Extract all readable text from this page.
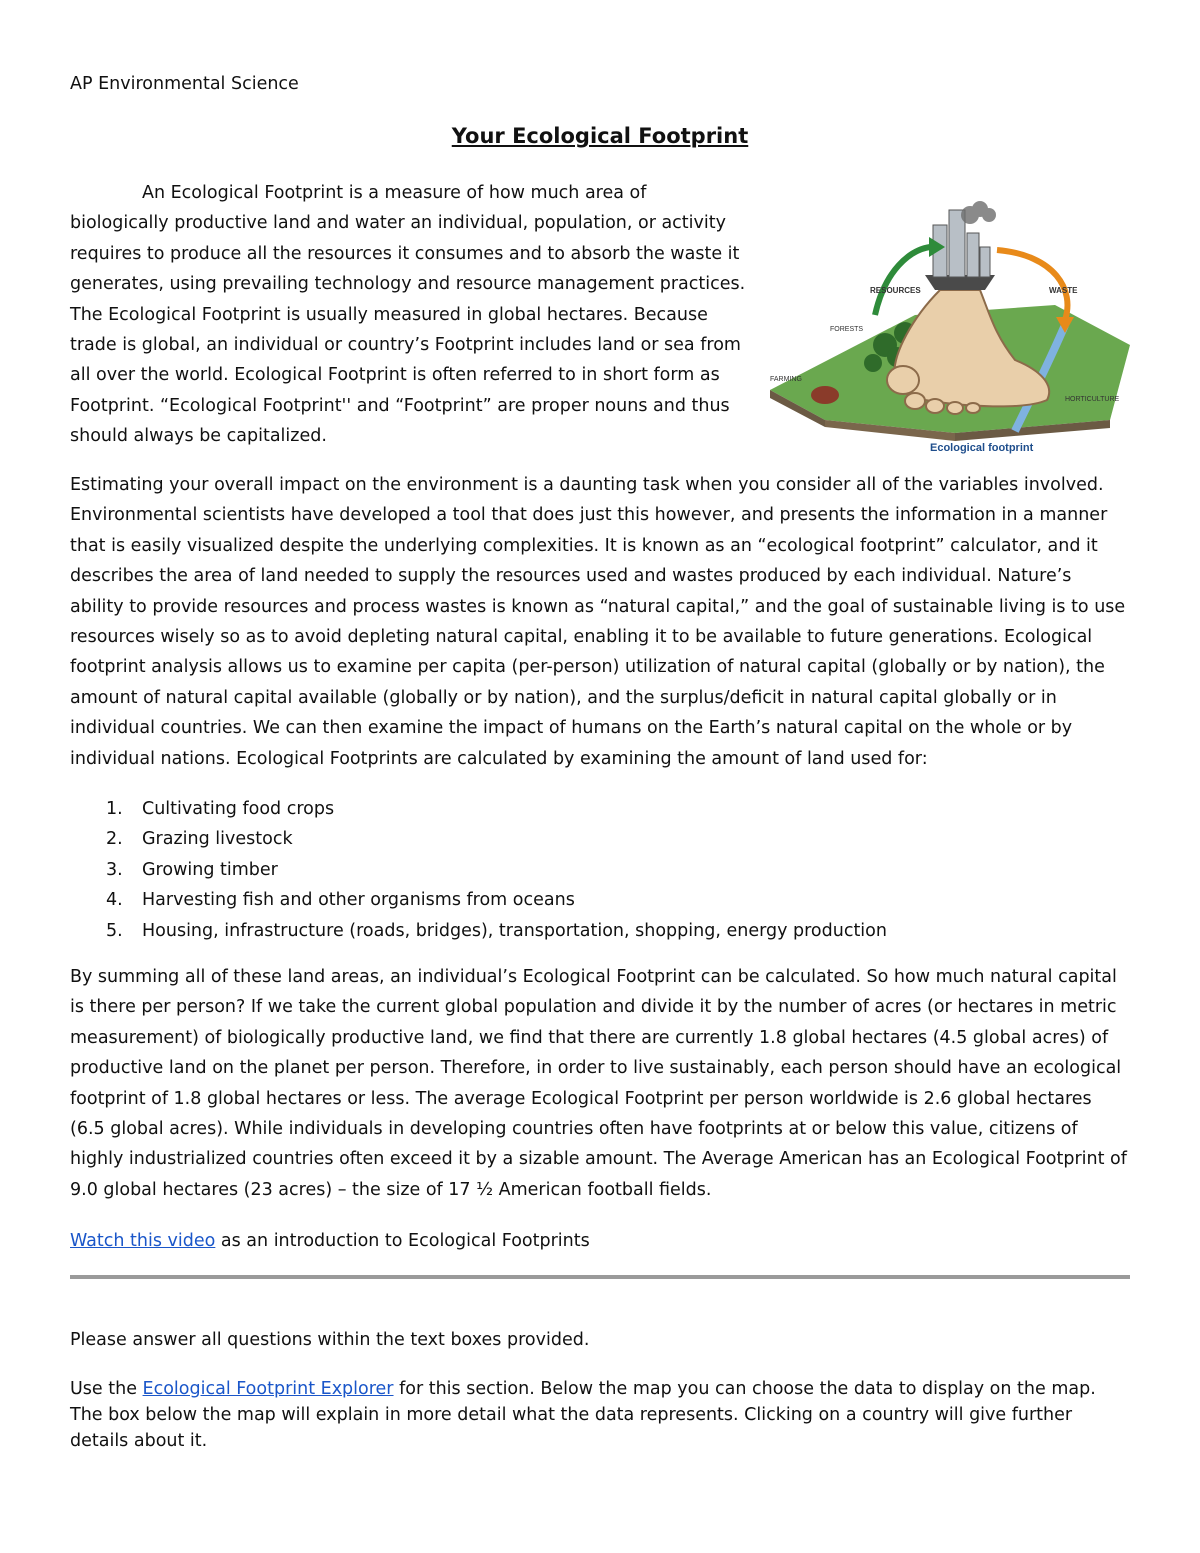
AP Environmental Science
Your Ecological Footprint

An Ecological Footprint is a measure of how much area of biologically productive land and water an individual, population, or activity requires to produce all the resources it consumes and to absorb the waste it generates, using prevailing technology and resource management practices. The Ecological Footprint is usually measured in global hectares. Because trade is global, an individual or country’s Footprint includes land or sea from all over the world. Ecological Footprint is often referred to in short form as Footprint. “Ecological Footprint'' and “Footprint” are proper nouns and thus should always be capitalized.

RESOURCES	WASTE
FORESTS
FARMING
HORTICULTURE
Ecological footprint

Estimating your overall impact on the environment is a daunting task when you consider all of the variables involved. Environmental scientists have developed a tool that does just this however, and presents the information in a manner that is easily visualized despite the underlying complexities. It is known as an “ecological footprint” calculator, and it describes the area of land needed to supply the resources used and wastes produced by each individual. Nature’s ability to provide resources and process wastes is known as “natural capital,” and the goal of sustainable living is to use resources wisely so as to avoid depleting natural capital, enabling it to be available to future generations. Ecological footprint analysis allows us to examine per capita (per-person) utilization of natural capital (globally or by nation), the amount of natural capital available (globally or by nation), and the surplus/deficit in natural capital globally or in individual countries. We can then examine the impact of humans on the Earth’s natural capital on the whole or by individual nations. Ecological Footprints are calculated by examining the amount of land used for:

1.	Cultivating food crops
2.	Grazing livestock
3.	Growing timber
4.	Harvesting fish and other organisms from oceans
5.	Housing, infrastructure (roads, bridges), transportation, shopping, energy production

By summing all of these land areas, an individual’s Ecological Footprint can be calculated. So how much natural capital is there per person? If we take the current global population and divide it by the number of acres (or hectares in metric measurement) of biologically productive land, we find that there are currently 1.8 global hectares (4.5 global acres) of productive land on the planet per person. Therefore, in order to live sustainably, each person should have an ecological footprint of 1.8 global hectares or less. The average Ecological Footprint per person worldwide is 2.6 global hectares (6.5 global acres). While individuals in developing countries often have footprints at or below this value, citizens of highly industrialized countries often exceed it by a sizable amount. The Average American has an Ecological Footprint of 9.0 global hectares (23 acres) – the size of 17 ½ American football fields.

Watch this video as an introduction to Ecological Footprints

Please answer all questions within the text boxes provided.

Use the Ecological Footprint Explorer for this section. Below the map you can choose the data to display on the map. The box below the map will explain in more detail what the data represents. Clicking on a country will give further details about it.
